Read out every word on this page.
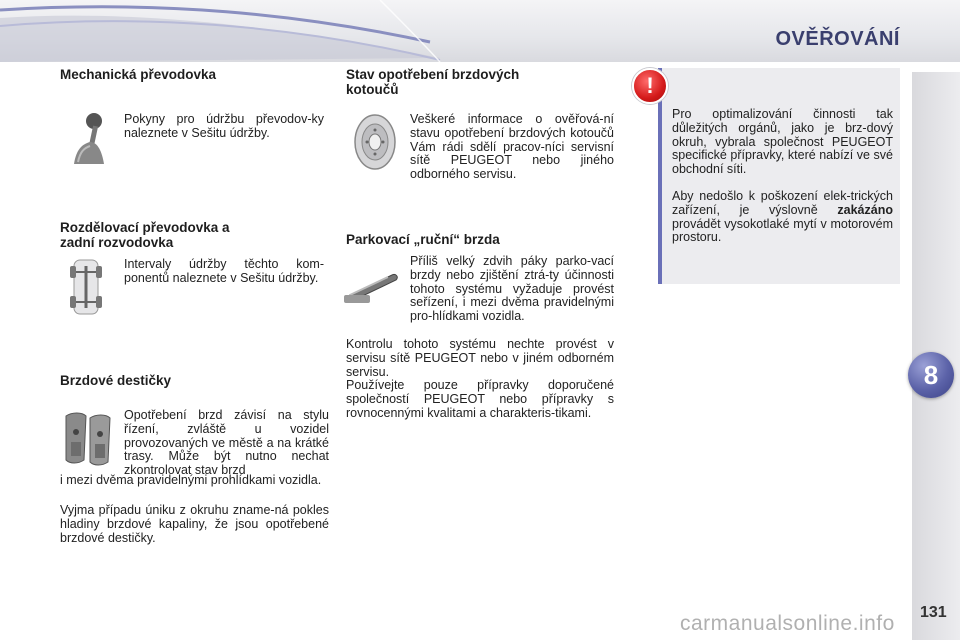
OVĚŘOVÁNÍ
8
Mechanická převodovka

Pokyny pro údržbu převodov-ky naleznete v Sešitu údržby.

Rozdělovací převodovka a
zadní rozvodovka

Intervaly údržby těchto kom-ponentů naleznete v Sešitu údržby.

Brzdové destičky

Opotřebení brzd závisí na stylu řízení, zvláště u vozidel provozovaných ve městě a na krátké trasy. Může být nutno nechat zkontrolovat stav brzd

i mezi dvěma pravidelnými prohlídkami vozidla.

Vyjma případu úniku z okruhu zname-ná pokles hladiny brzdové kapaliny, že jsou opotřebené brzdové destičky.

Stav opotřebení brzdových
kotoučů

Veškeré informace o ověřová-ní stavu opotřebení brzdových kotoučů Vám rádi sdělí pracov-níci servisní sítě PEUGEOT nebo jiného odborného servisu.

Parkovací „ruční“ brzda

Příliš velký zdvih páky parko-vací brzdy nebo zjištění ztrá-ty účinnosti tohoto systému vyžaduje provést seřízení, i mezi dvěma pravidelnými pro-hlídkami vozidla.

Kontrolu tohoto systému nechte provést v servisu sítě PEUGEOT nebo v jiném odborném servisu.

Používejte pouze přípravky doporučené společností PEUGEOT nebo přípravky s rovnocennými kvalitami a charakteris-tikami.

!

Pro optimalizování činnosti tak důležitých orgánů, jako je brz-dový okruh, vybrala společnost PEUGEOT specifické přípravky, které nabízí ve své obchodní síti.

Aby nedošlo k poškození elek-trických zařízení, je výslovně zakázáno provádět vysokotlaké mytí v motorovém prostoru.

carmanualsonline.info 131
